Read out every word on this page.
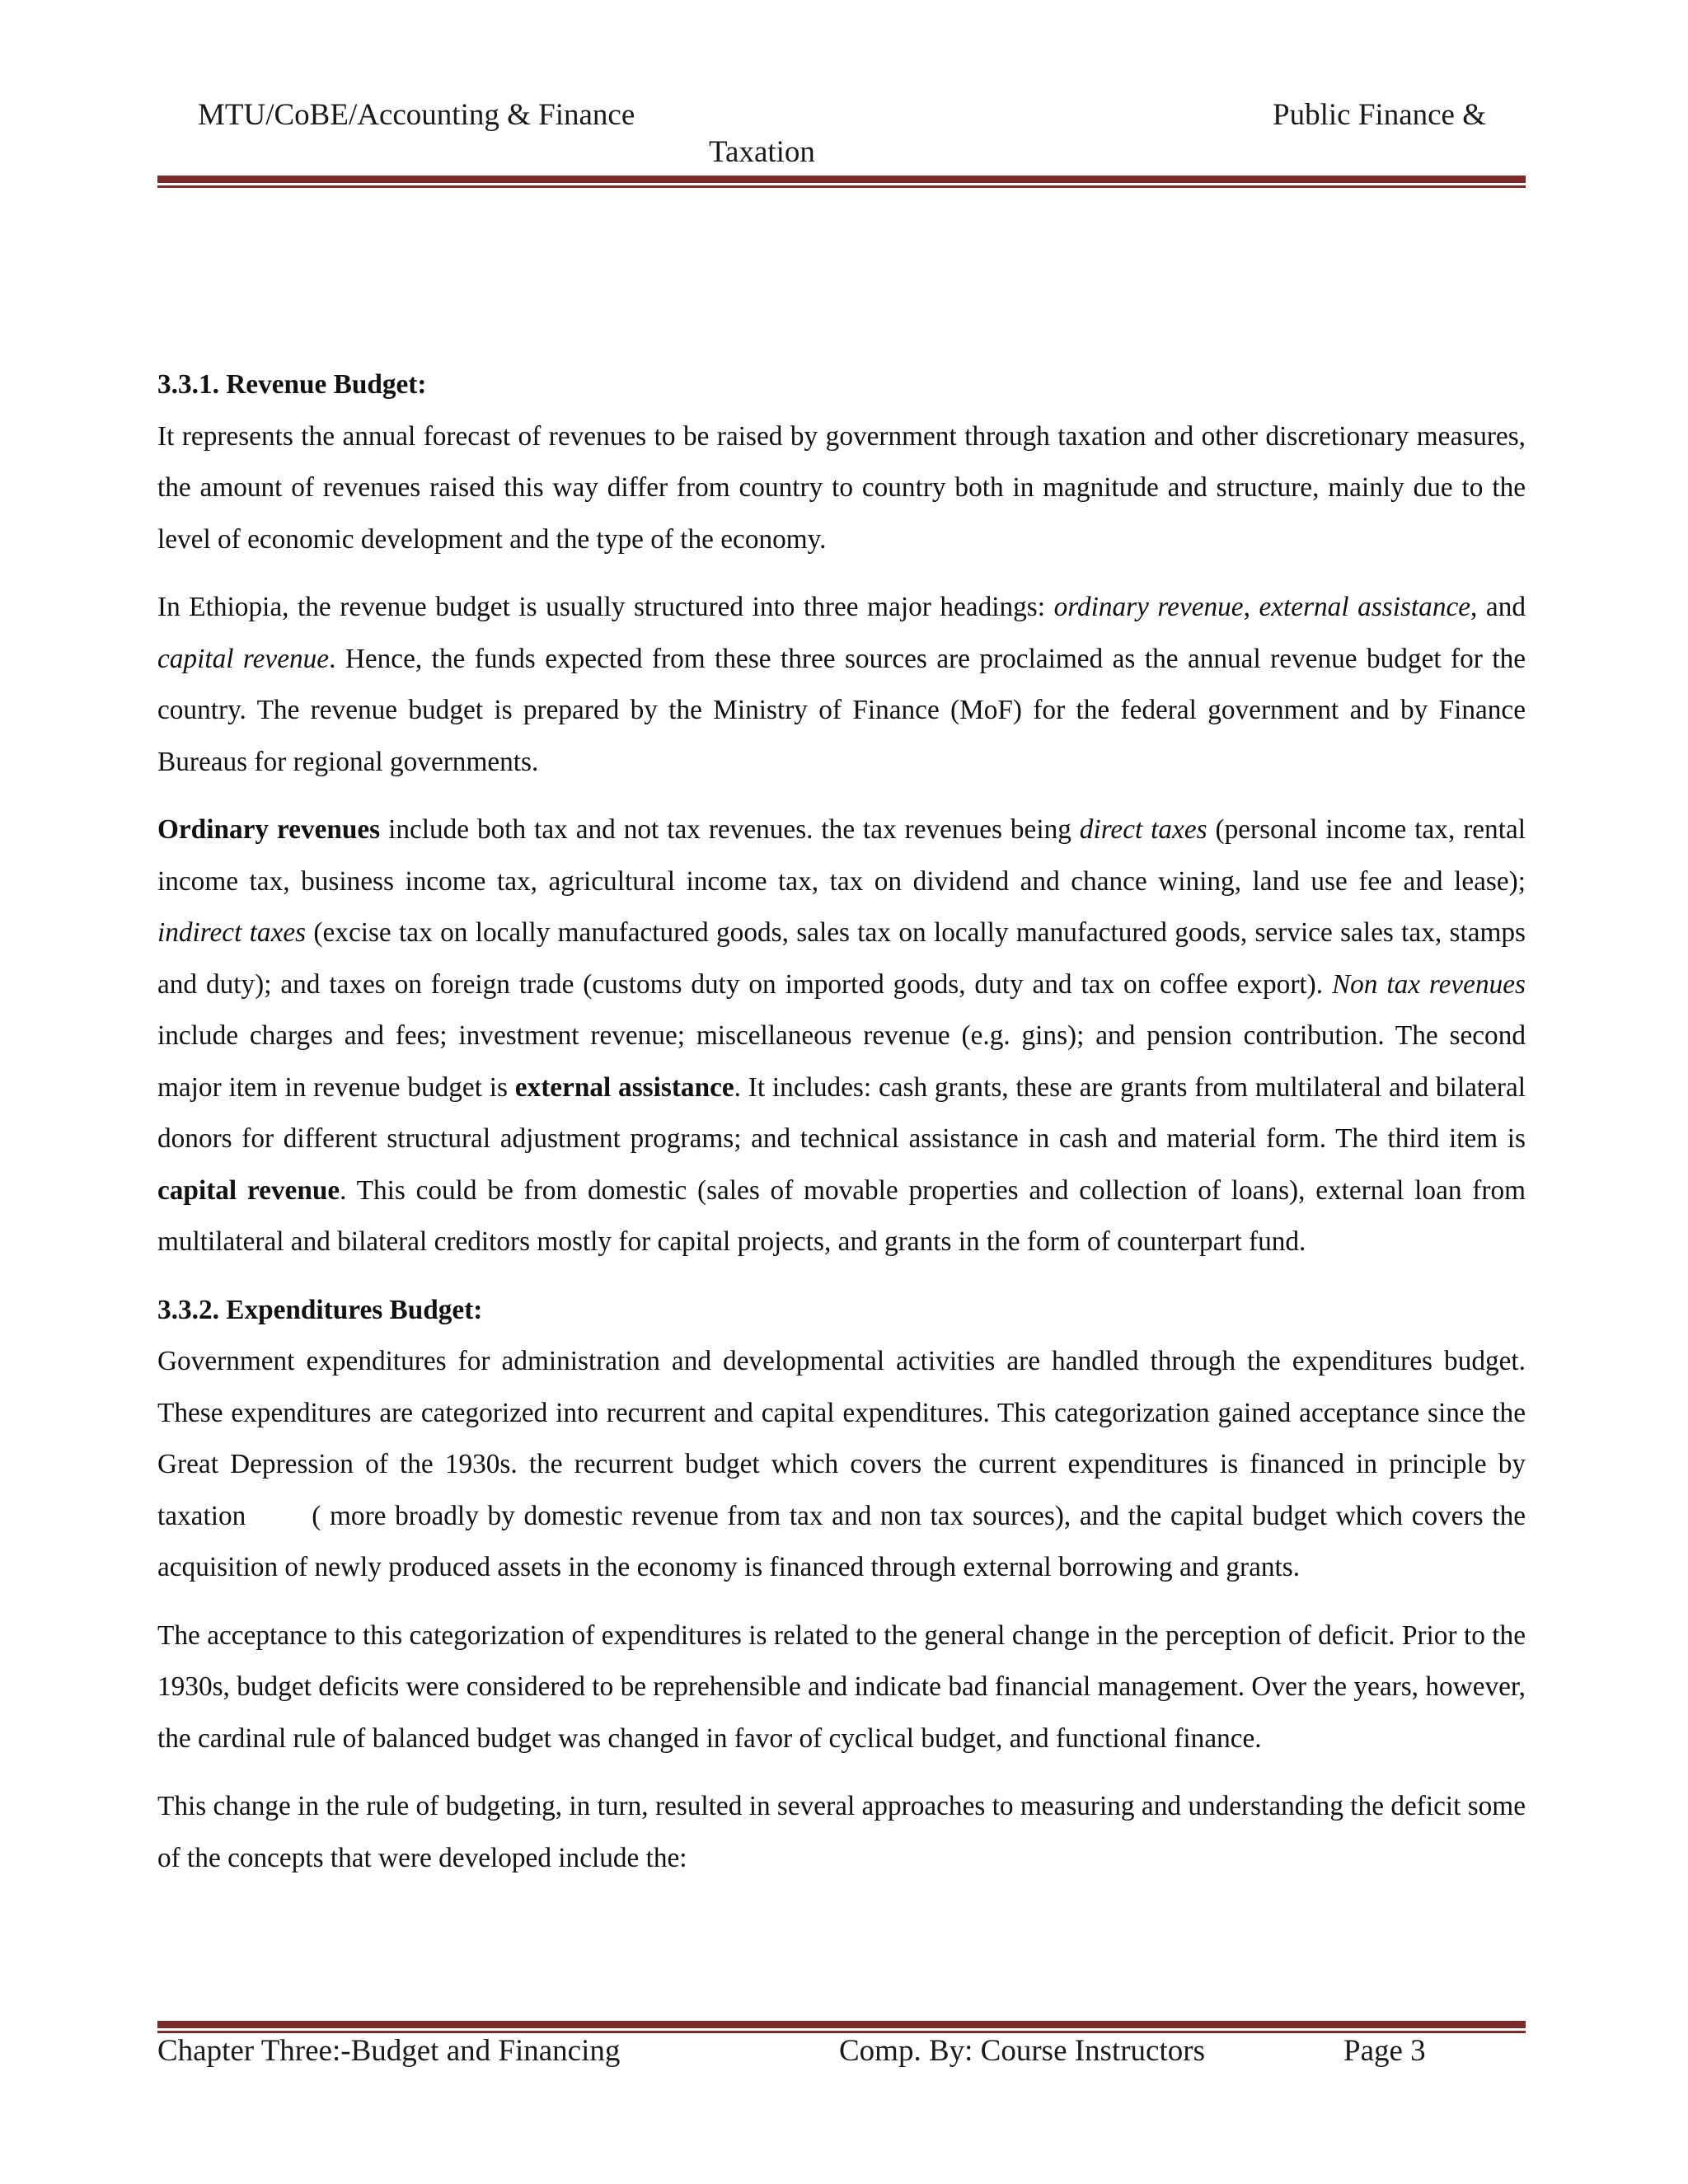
MTU/CoBE/Accounting & Finance	Public Finance &
Taxation
3.3.1. Revenue Budget:

It represents the annual forecast of revenues to be raised by government through taxation and other discretionary measures, the amount of revenues raised this way differ from country to country both in magnitude and structure, mainly due to the level of economic development and the type of the economy.

In Ethiopia, the revenue budget is usually structured into three major headings: ordinary revenue, external assistance, and capital revenue. Hence, the funds expected from these three sources are proclaimed as the annual revenue budget for the country. The revenue budget is prepared by the Ministry of Finance (MoF) for the federal government and by Finance Bureaus for regional governments.

Ordinary revenues include both tax and not tax revenues. the tax revenues being direct taxes (personal income tax, rental income tax, business income tax, agricultural income tax, tax on dividend and chance wining, land use fee and lease); indirect taxes (excise tax on locally manufactured goods, sales tax on locally manufactured goods, service sales tax, stamps and duty); and taxes on foreign trade (customs duty on imported goods, duty and tax on coffee export). Non tax revenues include charges and fees; investment revenue; miscellaneous revenue (e.g. gins); and pension contribution. The second major item in revenue budget is external assistance. It includes: cash grants, these are grants from multilateral and bilateral donors for different structural adjustment programs; and technical assistance in cash and material form. The third item is capital revenue. This could be from domestic (sales of movable properties and collection of loans), external loan from multilateral and bilateral creditors mostly for capital projects, and grants in the form of counterpart fund.

3.3.2. Expenditures Budget:

Government expenditures for administration and developmental activities are handled through the expenditures budget. These expenditures are categorized into recurrent and capital expenditures. This categorization gained acceptance since the Great Depression of the 1930s. the recurrent budget which covers the current expenditures is financed in principle by taxation ( more broadly by domestic revenue from tax and non tax sources), and the capital budget which covers the acquisition of newly produced assets in the economy is financed through external borrowing and grants.

The acceptance to this categorization of expenditures is related to the general change in the perception of deficit. Prior to the 1930s, budget deficits were considered to be reprehensible and indicate bad financial management. Over the years, however, the cardinal rule of balanced budget was changed in favor of cyclical budget, and functional finance.

This change in the rule of budgeting, in turn, resulted in several approaches to measuring and understanding the deficit some of the concepts that were developed include the:

Chapter Three:-Budget and Financing	Comp. By: Course Instructors	Page 3
